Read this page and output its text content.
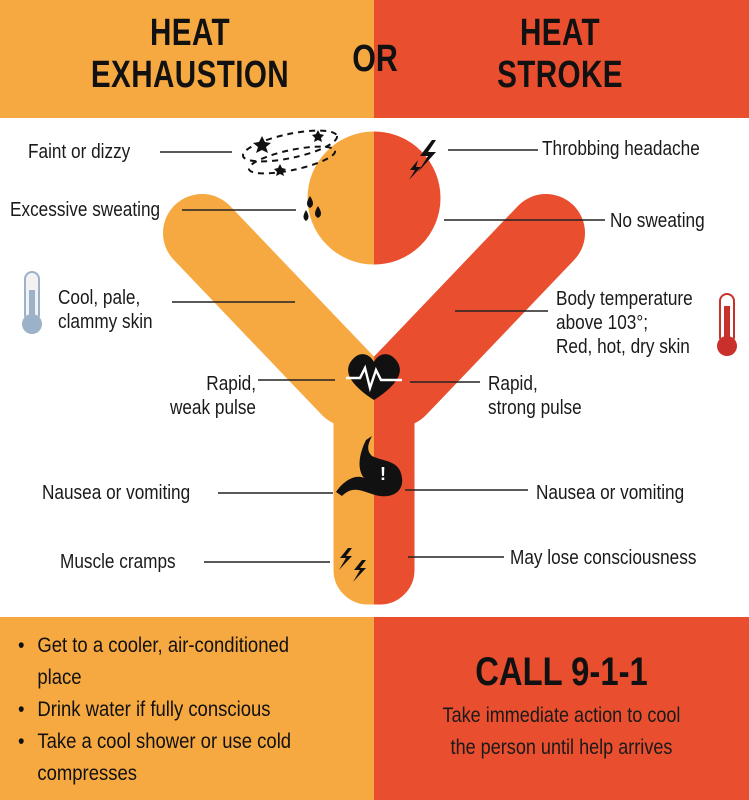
HEAT
EXHAUSTION	OR
HEAT
STROKE
!
Faint or dizzy
Excessive sweating
Cool, pale,
clammy skin
Rapid,
weak pulse
Nausea or vomiting
Muscle cramps
Throbbing headache
No sweating
Body temperature
above 103°;
Red, hot, dry skin
Rapid,
strong pulse
Nausea or vomiting
May lose consciousness
• Get to a cooler, air-conditioned place
• Drink water if fully conscious
• Take a cool shower or use cold compresses
CALL 9-1-1
Take immediate action to cool
the person until help arrives
